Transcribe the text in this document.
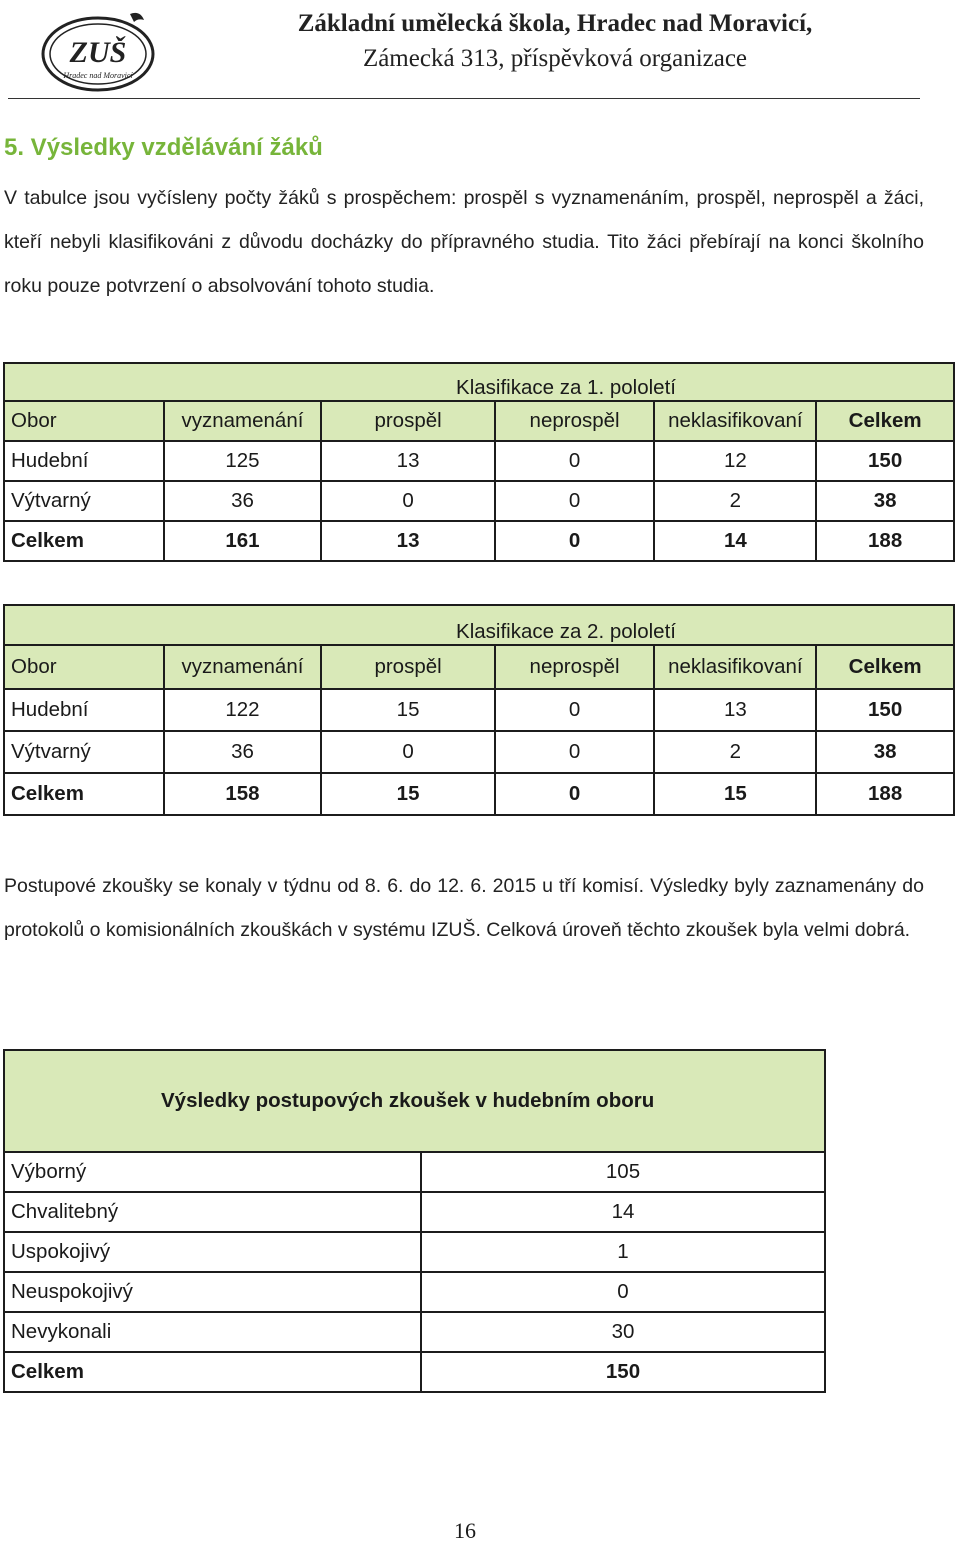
ZUŠ
Hradec nad Moravicí
Základní umělecká škola, Hradec nad Moravicí,
Zámecká 313, příspěvková organizace
5. Výsledky vzdělávání žáků
V tabulce jsou vyčísleny počty žáků s prospěchem: prospěl s vyznamenáním, prospěl, neprospěl a žáci, kteří nebyli klasifikováni z důvodu docházky do přípravného studia. Tito žáci přebírají na konci školního roku pouze potvrzení o absolvování tohoto studia.
Klasifikace za 1. pololetí					
Obor	vyznamenání	prospěl	neprospěl	neklasifikovaní	Celkem
Hudební	125	13	0	12	150
Výtvarný	36	0	0	2	38
Celkem	161	13	0	14	188
Klasifikace za 2. pololetí					
Obor	vyznamenání	prospěl	neprospěl	neklasifikovaní	Celkem
Hudební	122	15	0	13	150
Výtvarný	36	0	0	2	38
Celkem	158	15	0	15	188
Postupové zkoušky se konaly v týdnu od 8. 6. do 12. 6. 2015 u tří komisí. Výsledky byly zaznamenány do protokolů o komisionálních zkouškách v systému IZUŠ. Celková úroveň těchto zkoušek byla velmi dobrá.
Výsledky postupových zkoušek v hudebním oboru	
Výborný	105
Chvalitebný	14
Uspokojivý	1
Neuspokojivý	0
Nevykonali	30
Celkem	150
16
